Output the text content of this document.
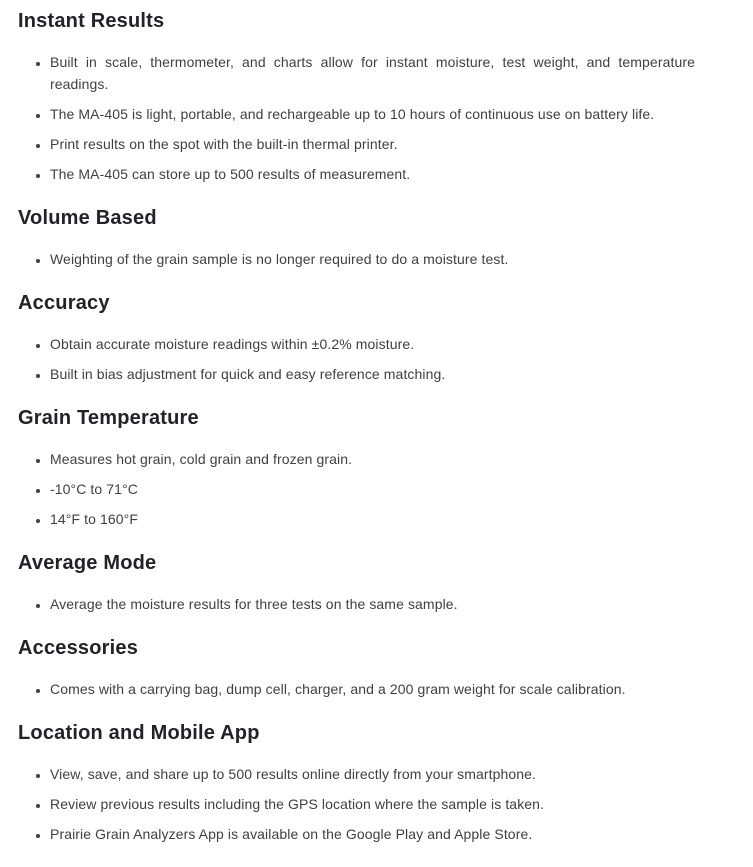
Instant Results
• Built in scale, thermometer, and charts allow for instant moisture, test weight, and temperature readings.
• The MA-405 is light, portable, and rechargeable up to 10 hours of continuous use on battery life.
• Print results on the spot with the built-in thermal printer.
• The MA-405 can store up to 500 results of measurement.
Volume Based
• Weighting of the grain sample is no longer required to do a moisture test.
Accuracy
• Obtain accurate moisture readings within ±0.2% moisture.
• Built in bias adjustment for quick and easy reference matching.
Grain Temperature
• Measures hot grain, cold grain and frozen grain.
• -10°C to 71°C
• 14°F to 160°F
Average Mode
• Average the moisture results for three tests on the same sample.
Accessories
• Comes with a carrying bag, dump cell, charger, and a 200 gram weight for scale calibration.
Location and Mobile App
• View, save, and share up to 500 results online directly from your smartphone.
• Review previous results including the GPS location where the sample is taken.
• Prairie Grain Analyzers App is available on the Google Play and Apple Store.
